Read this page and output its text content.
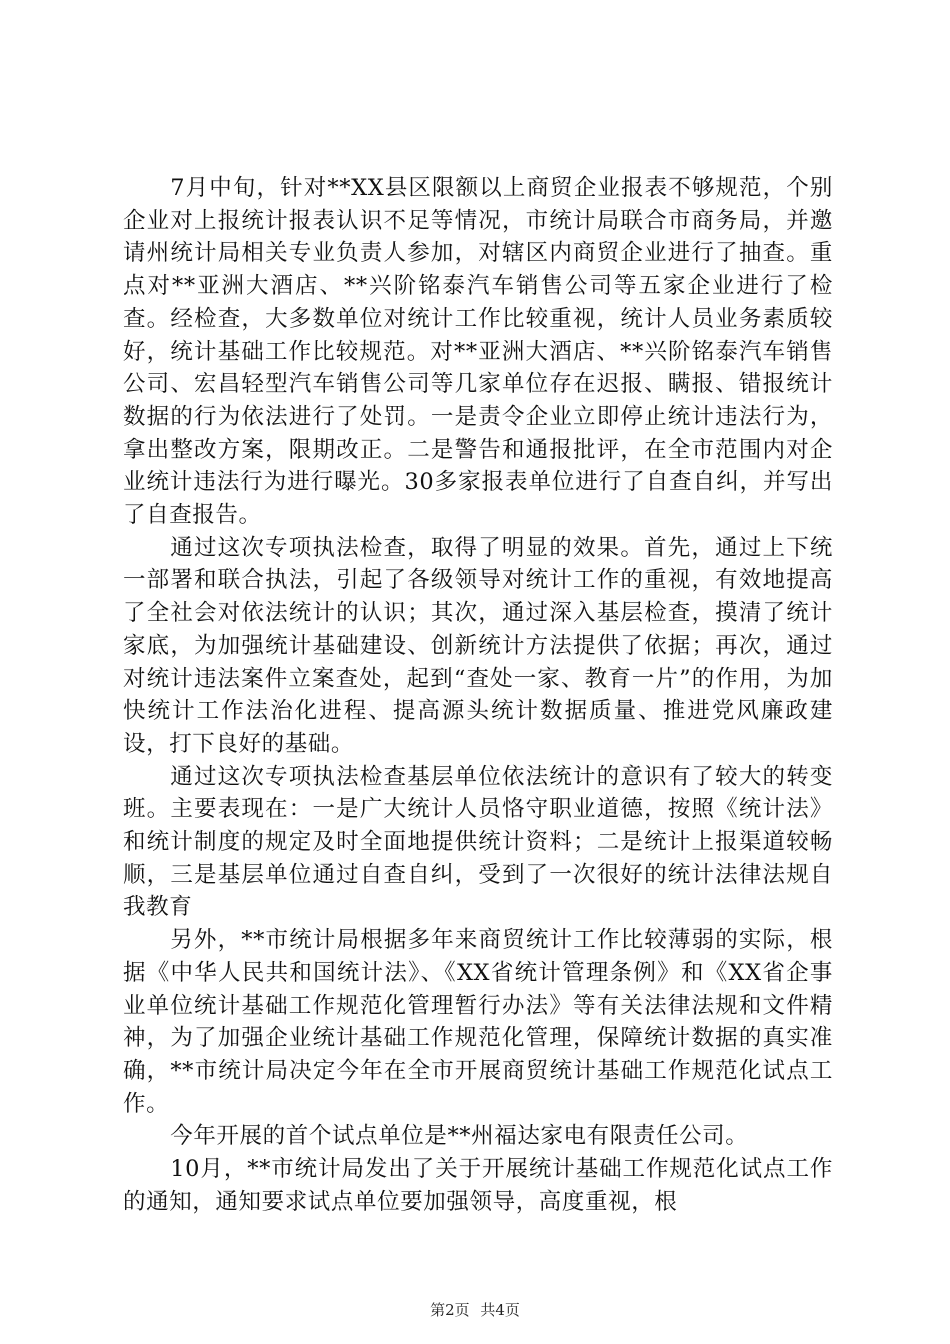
7月中旬，针对**XX县区限额以上商贸企业报表不够规范，个别企业对上报统计报表认识不足等情况，市统计局联合市商务局，并邀请州统计局相关专业负责人参加，对辖区内商贸企业进行了抽查。重点对**亚洲大酒店、**兴阶铭泰汽车销售公司等五家企业进行了检查。经检查，大多数单位对统计工作比较重视，统计人员业务素质较好，统计基础工作比较规范。对**亚洲大酒店、**兴阶铭泰汽车销售公司、宏昌轻型汽车销售公司等几家单位存在迟报、瞒报、错报统计数据的行为依法进行了处罚。一是责令企业立即停止统计违法行为，拿出整改方案，限期改正。二是警告和通报批评，在全市范围内对企业统计违法行为进行曝光。30多家报表单位进行了自查自纠，并写出了自查报告。

通过这次专项执法检查，取得了明显的效果。首先，通过上下统一部署和联合执法，引起了各级领导对统计工作的重视，有效地提高了全社会对依法统计的认识；其次，通过深入基层检查，摸清了统计家底，为加强统计基础建设、创新统计方法提供了依据；再次，通过对统计违法案件立案查处，起到“查处一家、教育一片”的作用，为加快统计工作法治化进程、提高源头统计数据质量、推进党风廉政建设，打下良好的基础。

通过这次专项执法检查基层单位依法统计的意识有了较大的转变班。主要表现在：一是广大统计人员恪守职业道德，按照《统计法》和统计制度的规定及时全面地提供统计资料；二是统计上报渠道较畅顺，三是基层单位通过自查自纠，受到了一次很好的统计法律法规自我教育

另外，**市统计局根据多年来商贸统计工作比较薄弱的实际，根据《中华人民共和国统计法》、《XX省统计管理条例》和《XX省企事业单位统计基础工作规范化管理暂行办法》等有关法律法规和文件精神，为了加强企业统计基础工作规范化管理，保障统计数据的真实准确，**市统计局决定今年在全市开展商贸统计基础工作规范化试点工作。

今年开展的首个试点单位是**州福达家电有限责任公司。

10月，**市统计局发出了关于开展统计基础工作规范化试点工作的通知，通知要求试点单位要加强领导，高度重视，根

第2页 共4页
